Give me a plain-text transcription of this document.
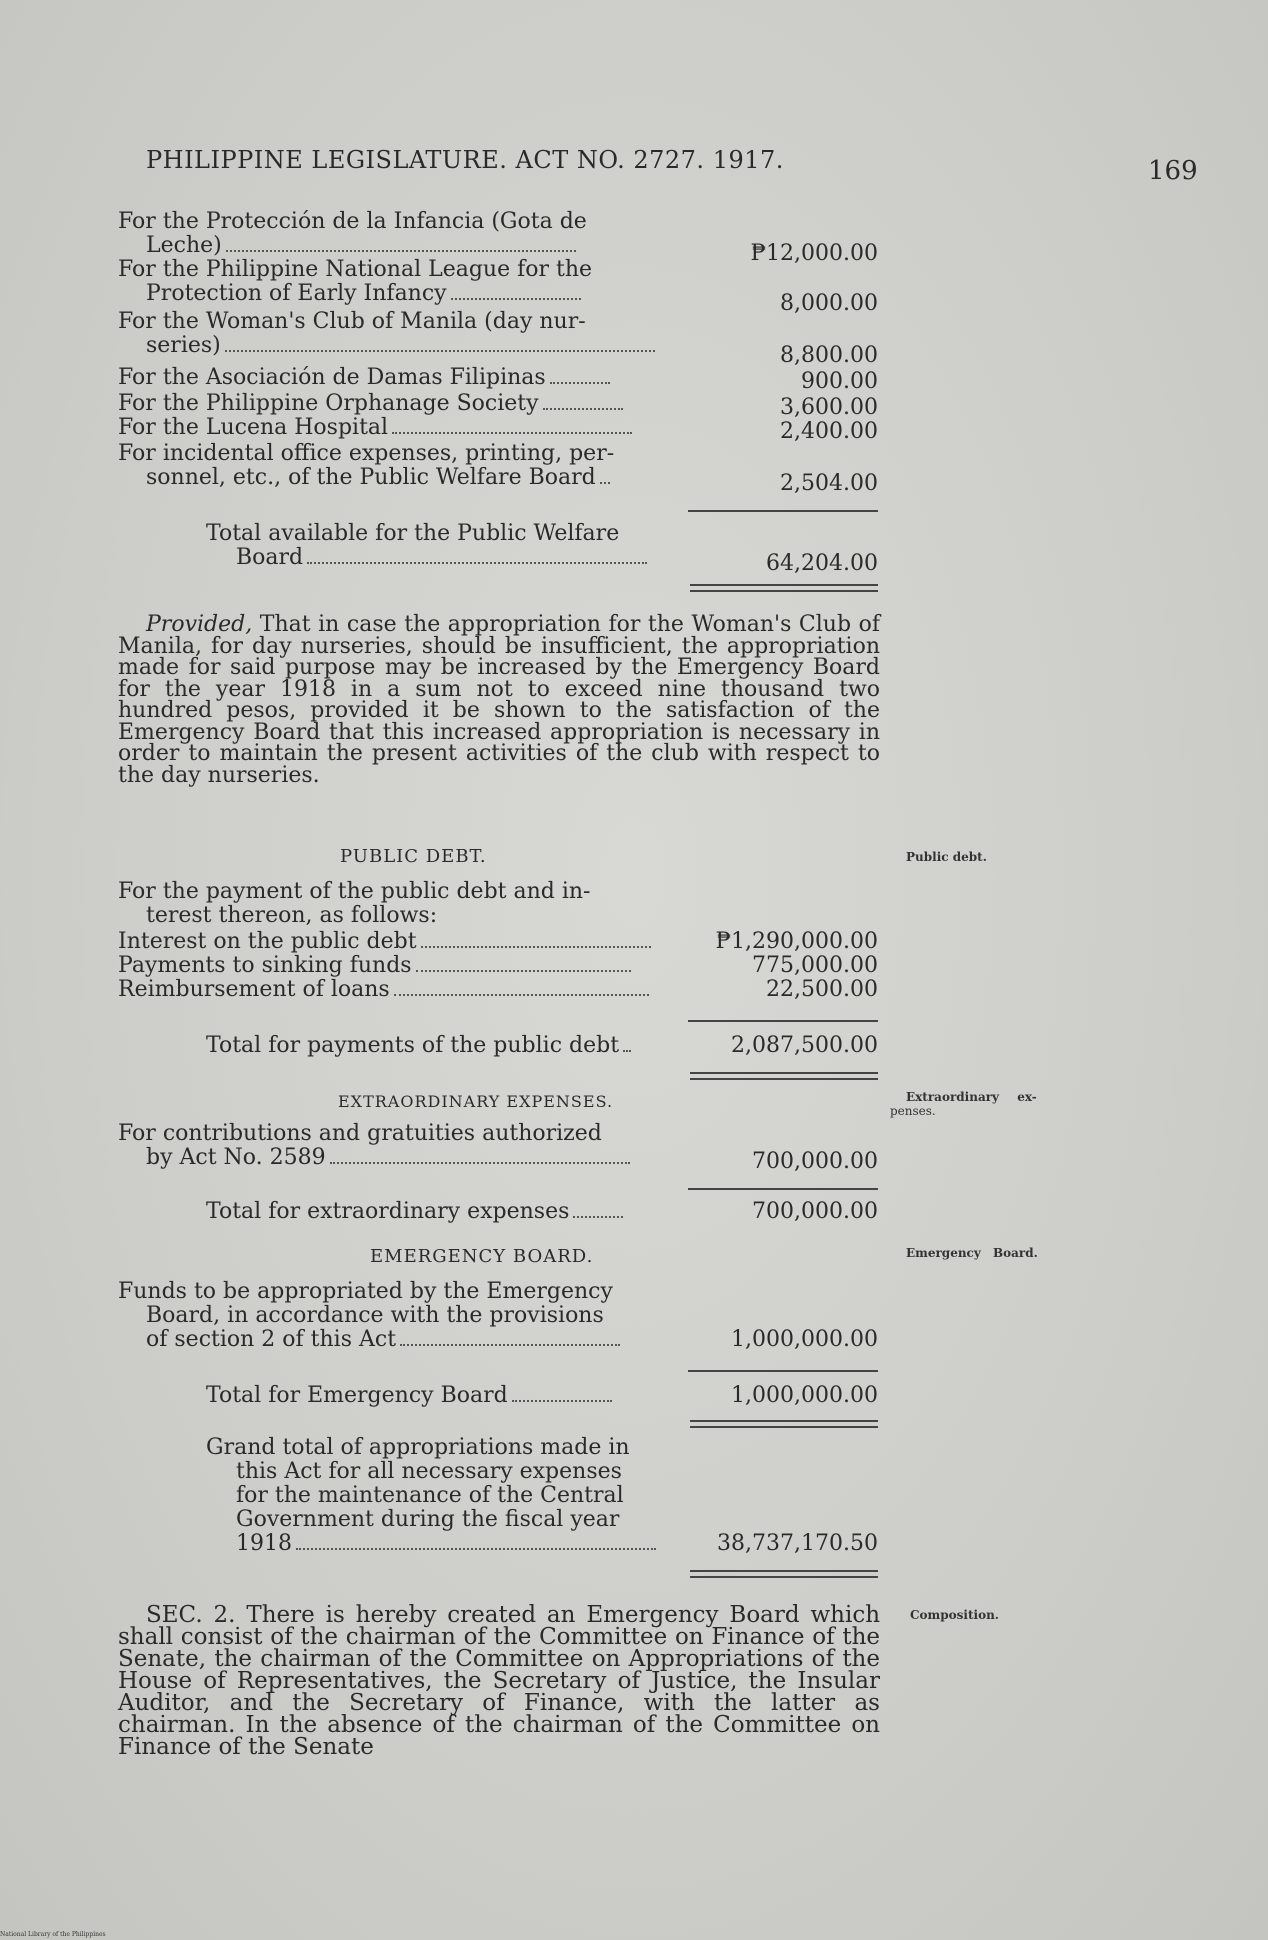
PHILIPPINE LEGISLATURE. ACT NO. 2727. 1917.	169
For the Protección de la Infancia (Gota de
Leche)	₱12,000.00
For the Philippine National League for the
Protection of Early Infancy	8,000.00
For the Woman's Club of Manila (day nur-
series)	8,800.00
For the Asociación de Damas Filipinas	900.00
For the Philippine Orphanage Society	3,600.00
For the Lucena Hospital	2,400.00
For incidental office expenses, printing, per-
sonnel, etc., of the Public Welfare Board	2,504.00
Total available for the Public Welfare
Board	64,204.00
Provided, That in case the appropriation for the Woman's Club of Manila, for day nurseries, should be insufficient, the appropriation made for said purpose may be increased by the Emergency Board for the year 1918 in a sum not to exceed nine thousand two hundred pesos, provided it be shown to the satisfaction of the Emergency Board that this increased appropriation is necessary in order to maintain the present activities of the club with respect to the day nurseries.
PUBLIC DEBT.	Public debt.
For the payment of the public debt and in-
terest thereon, as follows:
Interest on the public debt	₱1,290,000.00
Payments to sinking funds	775,000.00
Reimbursement of loans	22,500.00
Total for payments of the public debt	2,087,500.00
EXTRAORDINARY EXPENSES.	Extraordinary ex-
penses.
For contributions and gratuities authorized
by Act No. 2589	700,000.00
Total for extraordinary expenses	700,000.00
EMERGENCY BOARD.	Emergency Board.
Funds to be appropriated by the Emergency
Board, in accordance with the provisions
of section 2 of this Act	1,000,000.00
Total for Emergency Board	1,000,000.00
Grand total of appropriations made in
this Act for all necessary expenses
for the maintenance of the Central
Government during the fiscal year
1918	38,737,170.50
Composition.
SEC. 2. There is hereby created an Emergency Board which shall consist of the chairman of the Committee on Finance of the Senate, the chairman of the Committee on Appropriations of the House of Representatives, the Secretary of Justice, the Insular Auditor, and the Secretary of Finance, with the latter as chairman. In the absence of the chairman of the Committee on Finance of the Senate
National Library of the Philippines
